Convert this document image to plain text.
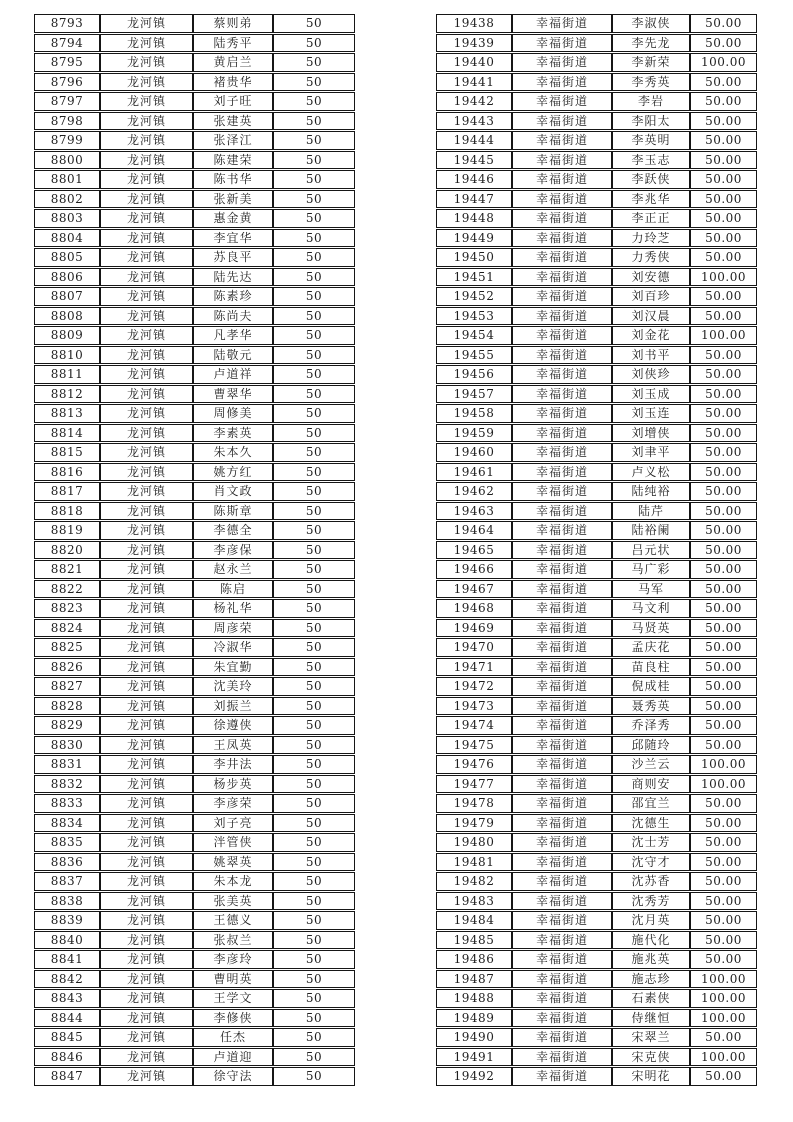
8793	龙河镇	蔡则弟	50
8794	龙河镇	陆秀平	50
8795	龙河镇	黄启兰	50
8796	龙河镇	褚贵华	50
8797	龙河镇	刘子旺	50
8798	龙河镇	张建英	50
8799	龙河镇	张泽江	50
8800	龙河镇	陈建荣	50
8801	龙河镇	陈书华	50
8802	龙河镇	张新美	50
8803	龙河镇	惠金黄	50
8804	龙河镇	李宜华	50
8805	龙河镇	苏良平	50
8806	龙河镇	陆先达	50
8807	龙河镇	陈素珍	50
8808	龙河镇	陈尚夫	50
8809	龙河镇	凡孝华	50
8810	龙河镇	陆敬元	50
8811	龙河镇	卢道祥	50
8812	龙河镇	曹翠华	50
8813	龙河镇	周修美	50
8814	龙河镇	李素英	50
8815	龙河镇	朱本久	50
8816	龙河镇	姚方红	50
8817	龙河镇	肖文政	50
8818	龙河镇	陈斯章	50
8819	龙河镇	李德全	50
8820	龙河镇	李彦保	50
8821	龙河镇	赵永兰	50
8822	龙河镇	陈启	50
8823	龙河镇	杨礼华	50
8824	龙河镇	周彦荣	50
8825	龙河镇	冷淑华	50
8826	龙河镇	朱宜勤	50
8827	龙河镇	沈美玲	50
8828	龙河镇	刘振兰	50
8829	龙河镇	徐遵侠	50
8830	龙河镇	王凤英	50
8831	龙河镇	李井法	50
8832	龙河镇	杨步英	50
8833	龙河镇	李彦荣	50
8834	龙河镇	刘子亮	50
8835	龙河镇	泮管侠	50
8836	龙河镇	姚翠英	50
8837	龙河镇	朱本龙	50
8838	龙河镇	张美英	50
8839	龙河镇	王德义	50
8840	龙河镇	张叔兰	50
8841	龙河镇	李彦玲	50
8842	龙河镇	曹明英	50
8843	龙河镇	王学文	50
8844	龙河镇	李修侠	50
8845	龙河镇	任杰	50
8846	龙河镇	卢道迎	50
8847	龙河镇	徐守法	50
19438	幸福街道	李淑侠	50.00
19439	幸福街道	李先龙	50.00
19440	幸福街道	李新荣	100.00
19441	幸福街道	李秀英	50.00
19442	幸福街道	李岩	50.00
19443	幸福街道	李阳太	50.00
19444	幸福街道	李英明	50.00
19445	幸福街道	李玉志	50.00
19446	幸福街道	李跃侠	50.00
19447	幸福街道	李兆华	50.00
19448	幸福街道	李正正	50.00
19449	幸福街道	力玲芝	50.00
19450	幸福街道	力秀侠	50.00
19451	幸福街道	刘安德	100.00
19452	幸福街道	刘百珍	50.00
19453	幸福街道	刘汉晨	50.00
19454	幸福街道	刘金花	100.00
19455	幸福街道	刘书平	50.00
19456	幸福街道	刘侠珍	50.00
19457	幸福街道	刘玉成	50.00
19458	幸福街道	刘玉连	50.00
19459	幸福街道	刘增侠	50.00
19460	幸福街道	刘聿平	50.00
19461	幸福街道	卢义松	50.00
19462	幸福街道	陆纯裕	50.00
19463	幸福街道	陆芹	50.00
19464	幸福街道	陆裕阑	50.00
19465	幸福街道	吕元状	50.00
19466	幸福街道	马广彩	50.00
19467	幸福街道	马军	50.00
19468	幸福街道	马文利	50.00
19469	幸福街道	马贤英	50.00
19470	幸福街道	孟庆花	50.00
19471	幸福街道	苗良柱	50.00
19472	幸福街道	倪成桂	50.00
19473	幸福街道	聂秀英	50.00
19474	幸福街道	乔泽秀	50.00
19475	幸福街道	邱随玲	50.00
19476	幸福街道	沙兰云	100.00
19477	幸福街道	商则安	100.00
19478	幸福街道	邵宜兰	50.00
19479	幸福街道	沈德生	50.00
19480	幸福街道	沈士芳	50.00
19481	幸福街道	沈守才	50.00
19482	幸福街道	沈苏香	50.00
19483	幸福街道	沈秀芳	50.00
19484	幸福街道	沈月英	50.00
19485	幸福街道	施代化	50.00
19486	幸福街道	施兆英	50.00
19487	幸福街道	施志珍	100.00
19488	幸福街道	石素侠	100.00
19489	幸福街道	侍继恒	100.00
19490	幸福街道	宋翠兰	50.00
19491	幸福街道	宋克侠	100.00
19492	幸福街道	宋明花	50.00
